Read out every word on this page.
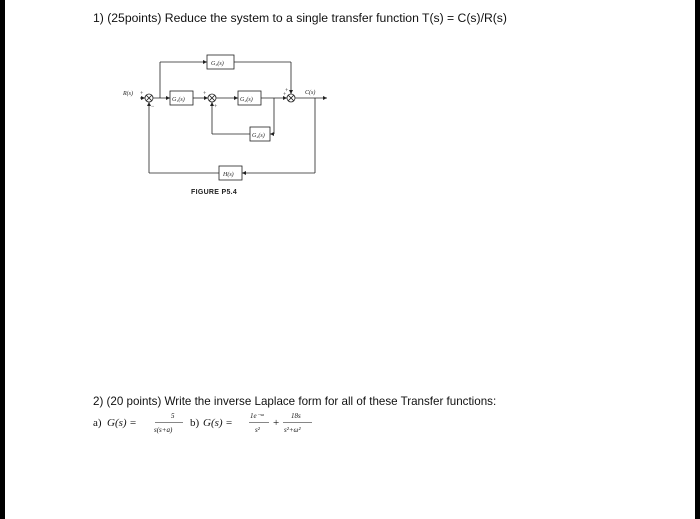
1) (25points) Reduce the system to a single transfer function T(s) = C(s)/R(s)
+
−
+
+
+
+
R(s)	C(s)
G₁(s)	G₂(s)
G₃(s)
G₄(s)
H(s)
FIGURE P5.4
2) (20 points) Write the inverse Laplace form for all of these Transfer functions:
a) G(s) =
5
s(s+a)
b) G(s) =
1e⁻ˢᵃ
s²
+
18s
s²+ω²
